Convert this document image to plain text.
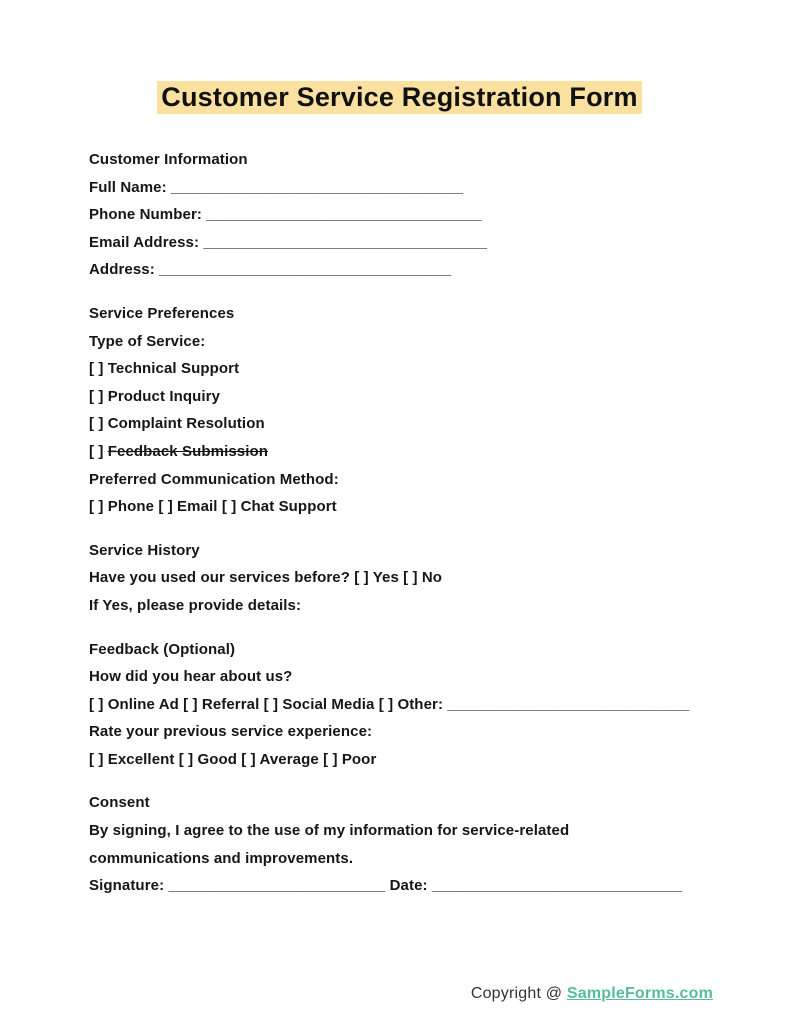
Customer Service Registration Form
Customer Information
Full Name: ___________________________________
Phone Number: _________________________________
Email Address: __________________________________
Address: ___________________________________
Service Preferences
Type of Service:
[ ] Technical Support
[ ] Product Inquiry
[ ] Complaint Resolution
[ ] Feedback Submission
Preferred Communication Method:
[ ] Phone [ ] Email [ ] Chat Support
Service History
Have you used our services before? [ ] Yes [ ] No
If Yes, please provide details:
Feedback (Optional)
How did you hear about us?
[ ] Online Ad [ ] Referral [ ] Social Media [ ] Other: _____________________________
Rate your previous service experience:
[ ] Excellent [ ] Good [ ] Average [ ] Poor
Consent
By signing, I agree to the use of my information for service-related
communications and improvements.
Signature: __________________________ Date: ______________________________

Copyright @ SampleForms.com
